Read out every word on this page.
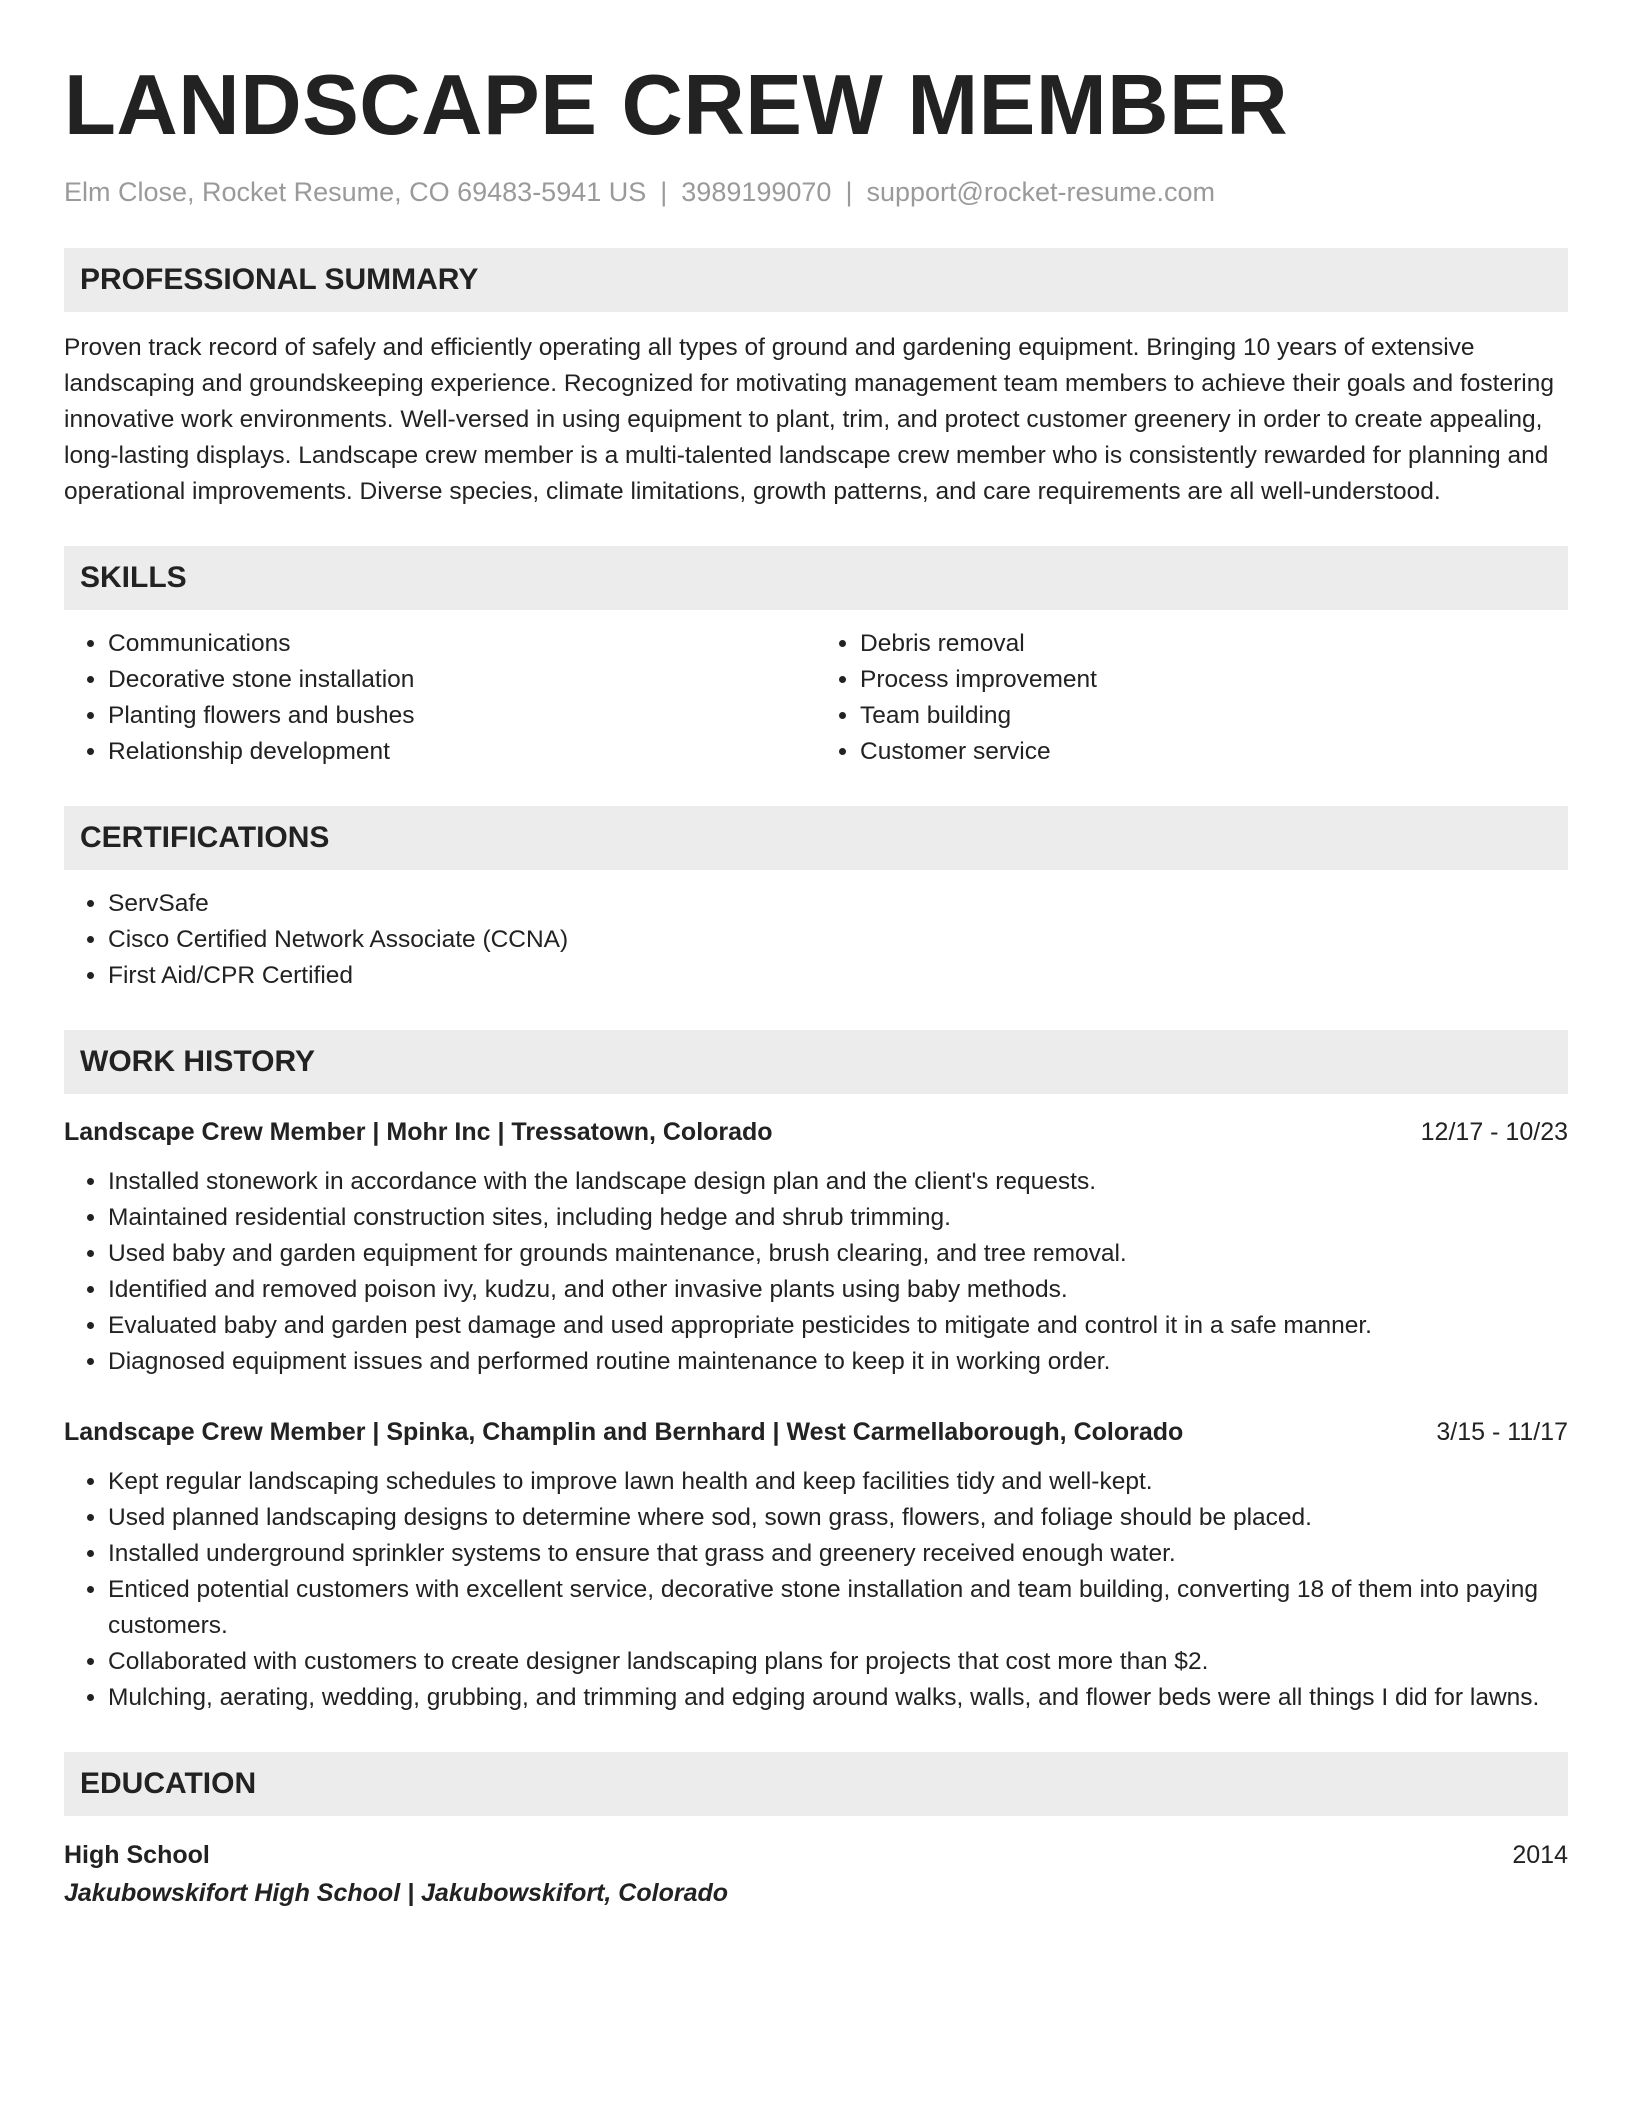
LANDSCAPE CREW MEMBER
Elm Close, Rocket Resume, CO 69483-5941 US | 3989199070 | support@rocket-resume.com
PROFESSIONAL SUMMARY

Proven track record of safely and efficiently operating all types of ground and gardening equipment. Bringing 10 years of extensive landscaping and groundskeeping experience. Recognized for motivating management team members to achieve their goals and fostering innovative work environments. Well-versed in using equipment to plant, trim, and protect customer greenery in order to create appealing, long-lasting displays. Landscape crew member is a multi-talented landscape crew member who is consistently rewarded for planning and operational improvements. Diverse species, climate limitations, growth patterns, and care requirements are all well-understood.

SKILLS
• Communications
• Decorative stone installation
• Planting flowers and bushes
• Relationship development
• Debris removal
• Process improvement
• Team building
• Customer service
CERTIFICATIONS
• ServSafe
• Cisco Certified Network Associate (CCNA)
• First Aid/CPR Certified
WORK HISTORY
Landscape Crew Member | Mohr Inc | Tressatown, Colorado	12/17 - 10/23
• Installed stonework in accordance with the landscape design plan and the client's requests.
• Maintained residential construction sites, including hedge and shrub trimming.
• Used baby and garden equipment for grounds maintenance, brush clearing, and tree removal.
• Identified and removed poison ivy, kudzu, and other invasive plants using baby methods.
• Evaluated baby and garden pest damage and used appropriate pesticides to mitigate and control it in a safe manner.
• Diagnosed equipment issues and performed routine maintenance to keep it in working order.
Landscape Crew Member | Spinka, Champlin and Bernhard | West Carmellaborough, Colorado	3/15 - 11/17
• Kept regular landscaping schedules to improve lawn health and keep facilities tidy and well-kept.
• Used planned landscaping designs to determine where sod, sown grass, flowers, and foliage should be placed.
• Installed underground sprinkler systems to ensure that grass and greenery received enough water.
• Enticed potential customers with excellent service, decorative stone installation and team building, converting 18 of them into paying customers.
• Collaborated with customers to create designer landscaping plans for projects that cost more than $2.
• Mulching, aerating, wedding, grubbing, and trimming and edging around walks, walls, and flower beds were all things I did for lawns.
EDUCATION
High School	2014
Jakubowskifort High School | Jakubowskifort, Colorado
